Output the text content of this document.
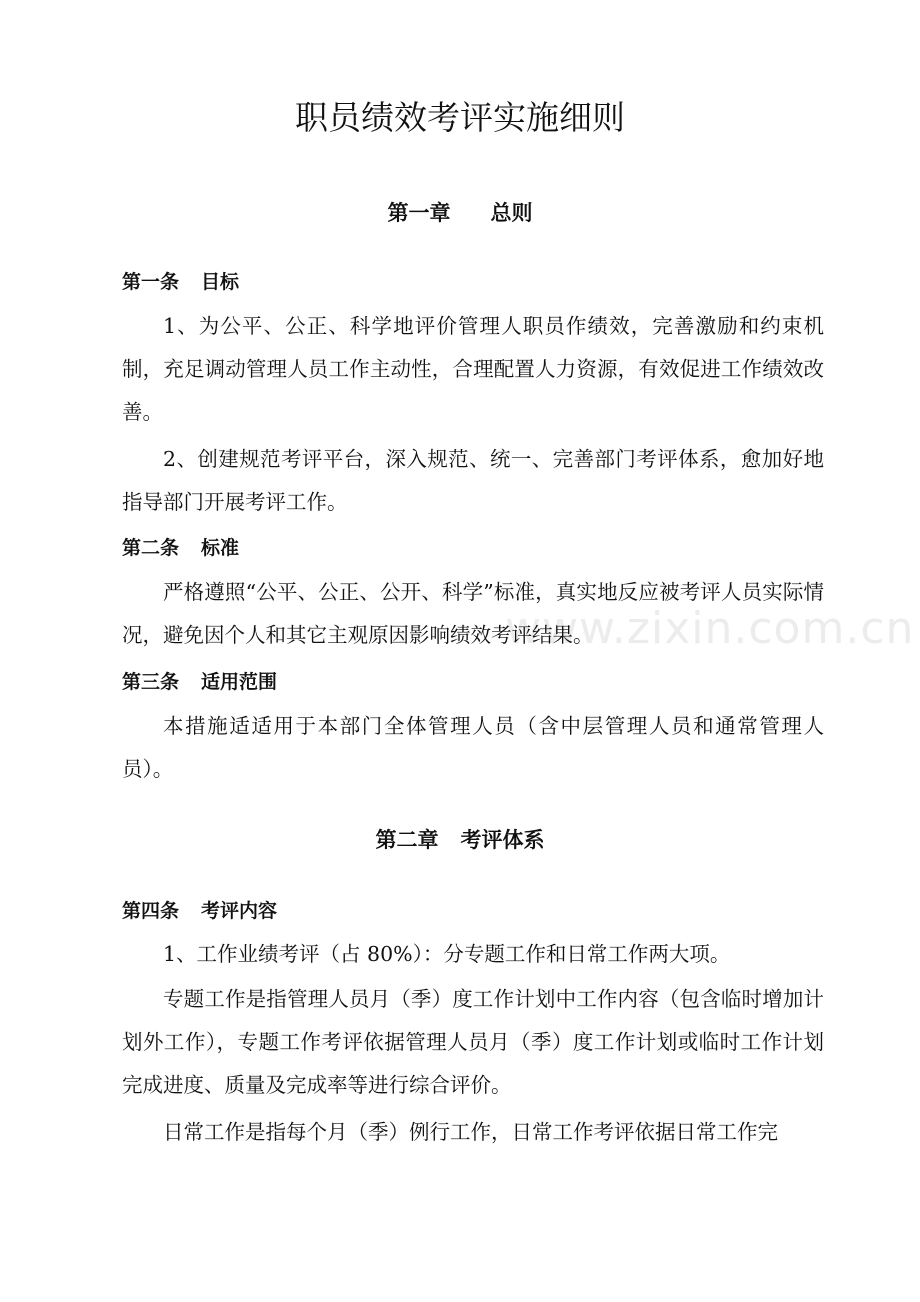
www.zixin.com.cn
职员绩效考评实施细则
第一章 总则
第一条 目标

1、为公平、公正、科学地评价管理人职员作绩效，完善激励和约束机制，充足调动管理人员工作主动性，合理配置人力资源，有效促进工作绩效改善。

2、创建规范考评平台，深入规范、统一、完善部门考评体系，愈加好地指导部门开展考评工作。

第二条 标准

严格遵照“公平、公正、公开、科学”标准，真实地反应被考评人员实际情况，避免因个人和其它主观原因影响绩效考评结果。

第三条 适用范围

本措施适适用于本部门全体管理人员（含中层管理人员和通常管理人员）。

第二章 考评体系
第四条 考评内容

1、工作业绩考评（占 80%）：分专题工作和日常工作两大项。

专题工作是指管理人员月（季）度工作计划中工作内容（包含临时增加计划外工作），专题工作考评依据管理人员月（季）度工作计划或临时工作计划完成进度、质量及完成率等进行综合评价。

日常工作是指每个月（季）例行工作，日常工作考评依据日常工作完
